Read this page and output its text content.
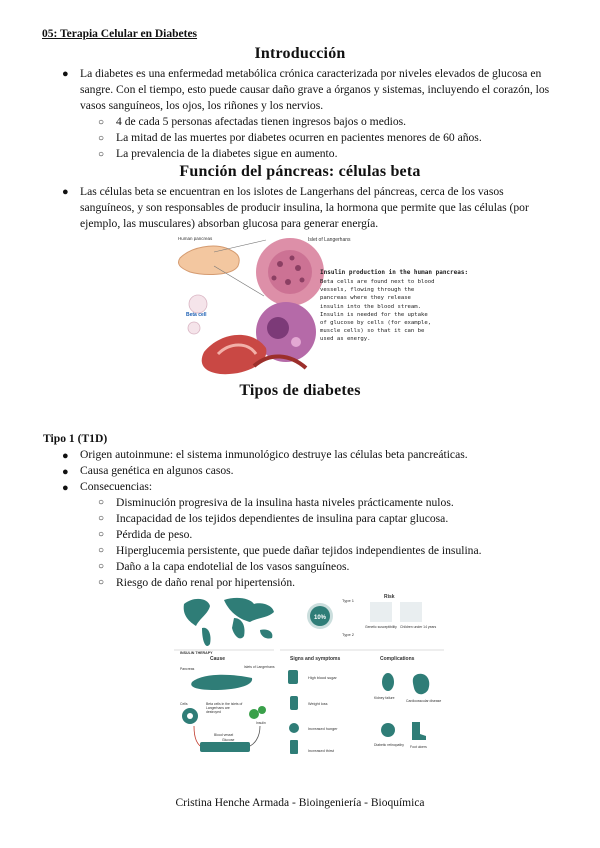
05: Terapia Celular en Diabetes
Introducción
● La diabetes es una enfermedad metabólica crónica caracterizada por niveles elevados de glucosa en sangre. Con el tiempo, esto puede causar daño grave a órganos y sistemas, incluyendo el corazón, los vasos sanguíneos, los ojos, los riñones y los nervios.
○ 4 de cada 5 personas afectadas tienen ingresos bajos o medios.
○ La mitad de las muertes por diabetes ocurren en pacientes menores de 60 años.
○ La prevalencia de la diabetes sigue en aumento.
Función del páncreas: células beta
● Las células beta se encuentran en los islotes de Langerhans del páncreas, cerca de los vasos sanguíneos, y son responsables de producir insulina, la hormona que permite que las células (por ejemplo, las musculares) absorban glucosa para generar energía.
Human pancreas	Islet of Langerhans
Beta cell
Insulin production in the human pancreas:
Beta cells are found next to blood vessels, flowing through the pancreas where they release insulin into the blood stream. Insulin is needed for the uptake of glucose by cells (for example, muscle cells) so that it can be used as energy.
Tipos de diabetes
Tipo 1 (T1D)
● Origen autoinmune: el sistema inmunológico destruye las células beta pancreáticas.
● Causa genética en algunos casos.
● Consecuencias:
○ Disminución progresiva de la insulina hasta niveles prácticamente nulos.
○ Incapacidad de los tejidos dependientes de insulina para captar glucosa.
○ Pérdida de peso.
○ Hiperglucemia persistente, que puede dañar tejidos independientes de insulina.
○ Daño a la capa endotelial de los vasos sanguíneos.
○ Riesgo de daño renal por hipertensión.
INSULIN THERAPY
10%
Type 1
Type 2
Risk
Genetic susceptibility Children under 14 years
Cause
Pancreas	Islets of Langerhans
Cells
Insulin
Beta cells in the islets of Langerhans are destroyed
Blood vessel
Glucose
Signs and symptoms
High blood sugar
Weight loss
Increased hunger
Increased thirst
Complications
Kidney failure
Cardiovascular disease
Diabetic retinopathy Foot ulcers
Cristina Henche Armada - Bioingeniería - Bioquímica
